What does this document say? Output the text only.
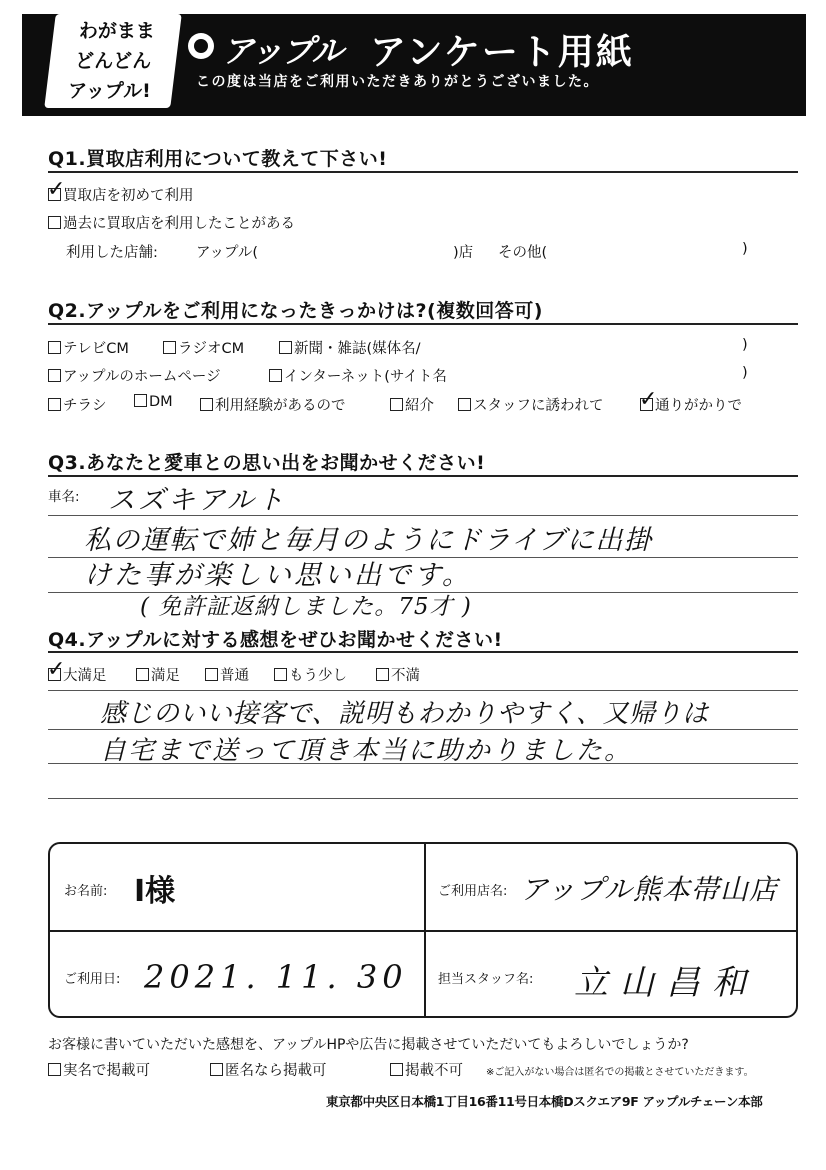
わがまま
どんどん
アップル!
アップル アンケート用紙
この度は当店をご利用いただきありがとうございました。
Q1.買取店利用について教えて下さい!
✓
買取店を初めて利用
過去に買取店を利用したことがある
利用した店舗:	アップル(	)店 その他(	)
Q2.アップルをご利用になったきっかけは?(複数回答可)
テレビCM	ラジオCM	新聞・雑誌(媒体名/	)
アップルのホームページ	インターネット(サイト名	)
チラシ	DM	利用経験があるので	紹介	スタッフに誘われて ✓
通りがかりで
Q3.あなたと愛車との思い出をお聞かせください!
車名: スズキアルト
私の運転で姉と毎月のようにドライブに出掛
けた事が楽しい思い出です。
( 免許証返納しました。75才 )
Q4.アップルに対する感想をぜひお聞かせください!
✓
大満足	満足	普通	もう少し	不満
感じのいい接客で、説明もわかりやすく、又帰りは
自宅まで送って頂き本当に助かりました。
お名前: I様	ご利用店名: アップル熊本帯山店
ご利用日: 2021. 11. 30 担当スタッフ名: 立山昌和
お客様に書いていただいた感想を、アップルHPや広告に掲載させていただいてもよろしいでしょうか?
実名で掲載可	匿名なら掲載可	掲載不可 ※ご記入がない場合は匿名での掲載とさせていただきます。
東京都中央区日本橋1丁目16番11号日本橋Dスクエア9F アップルチェーン本部
